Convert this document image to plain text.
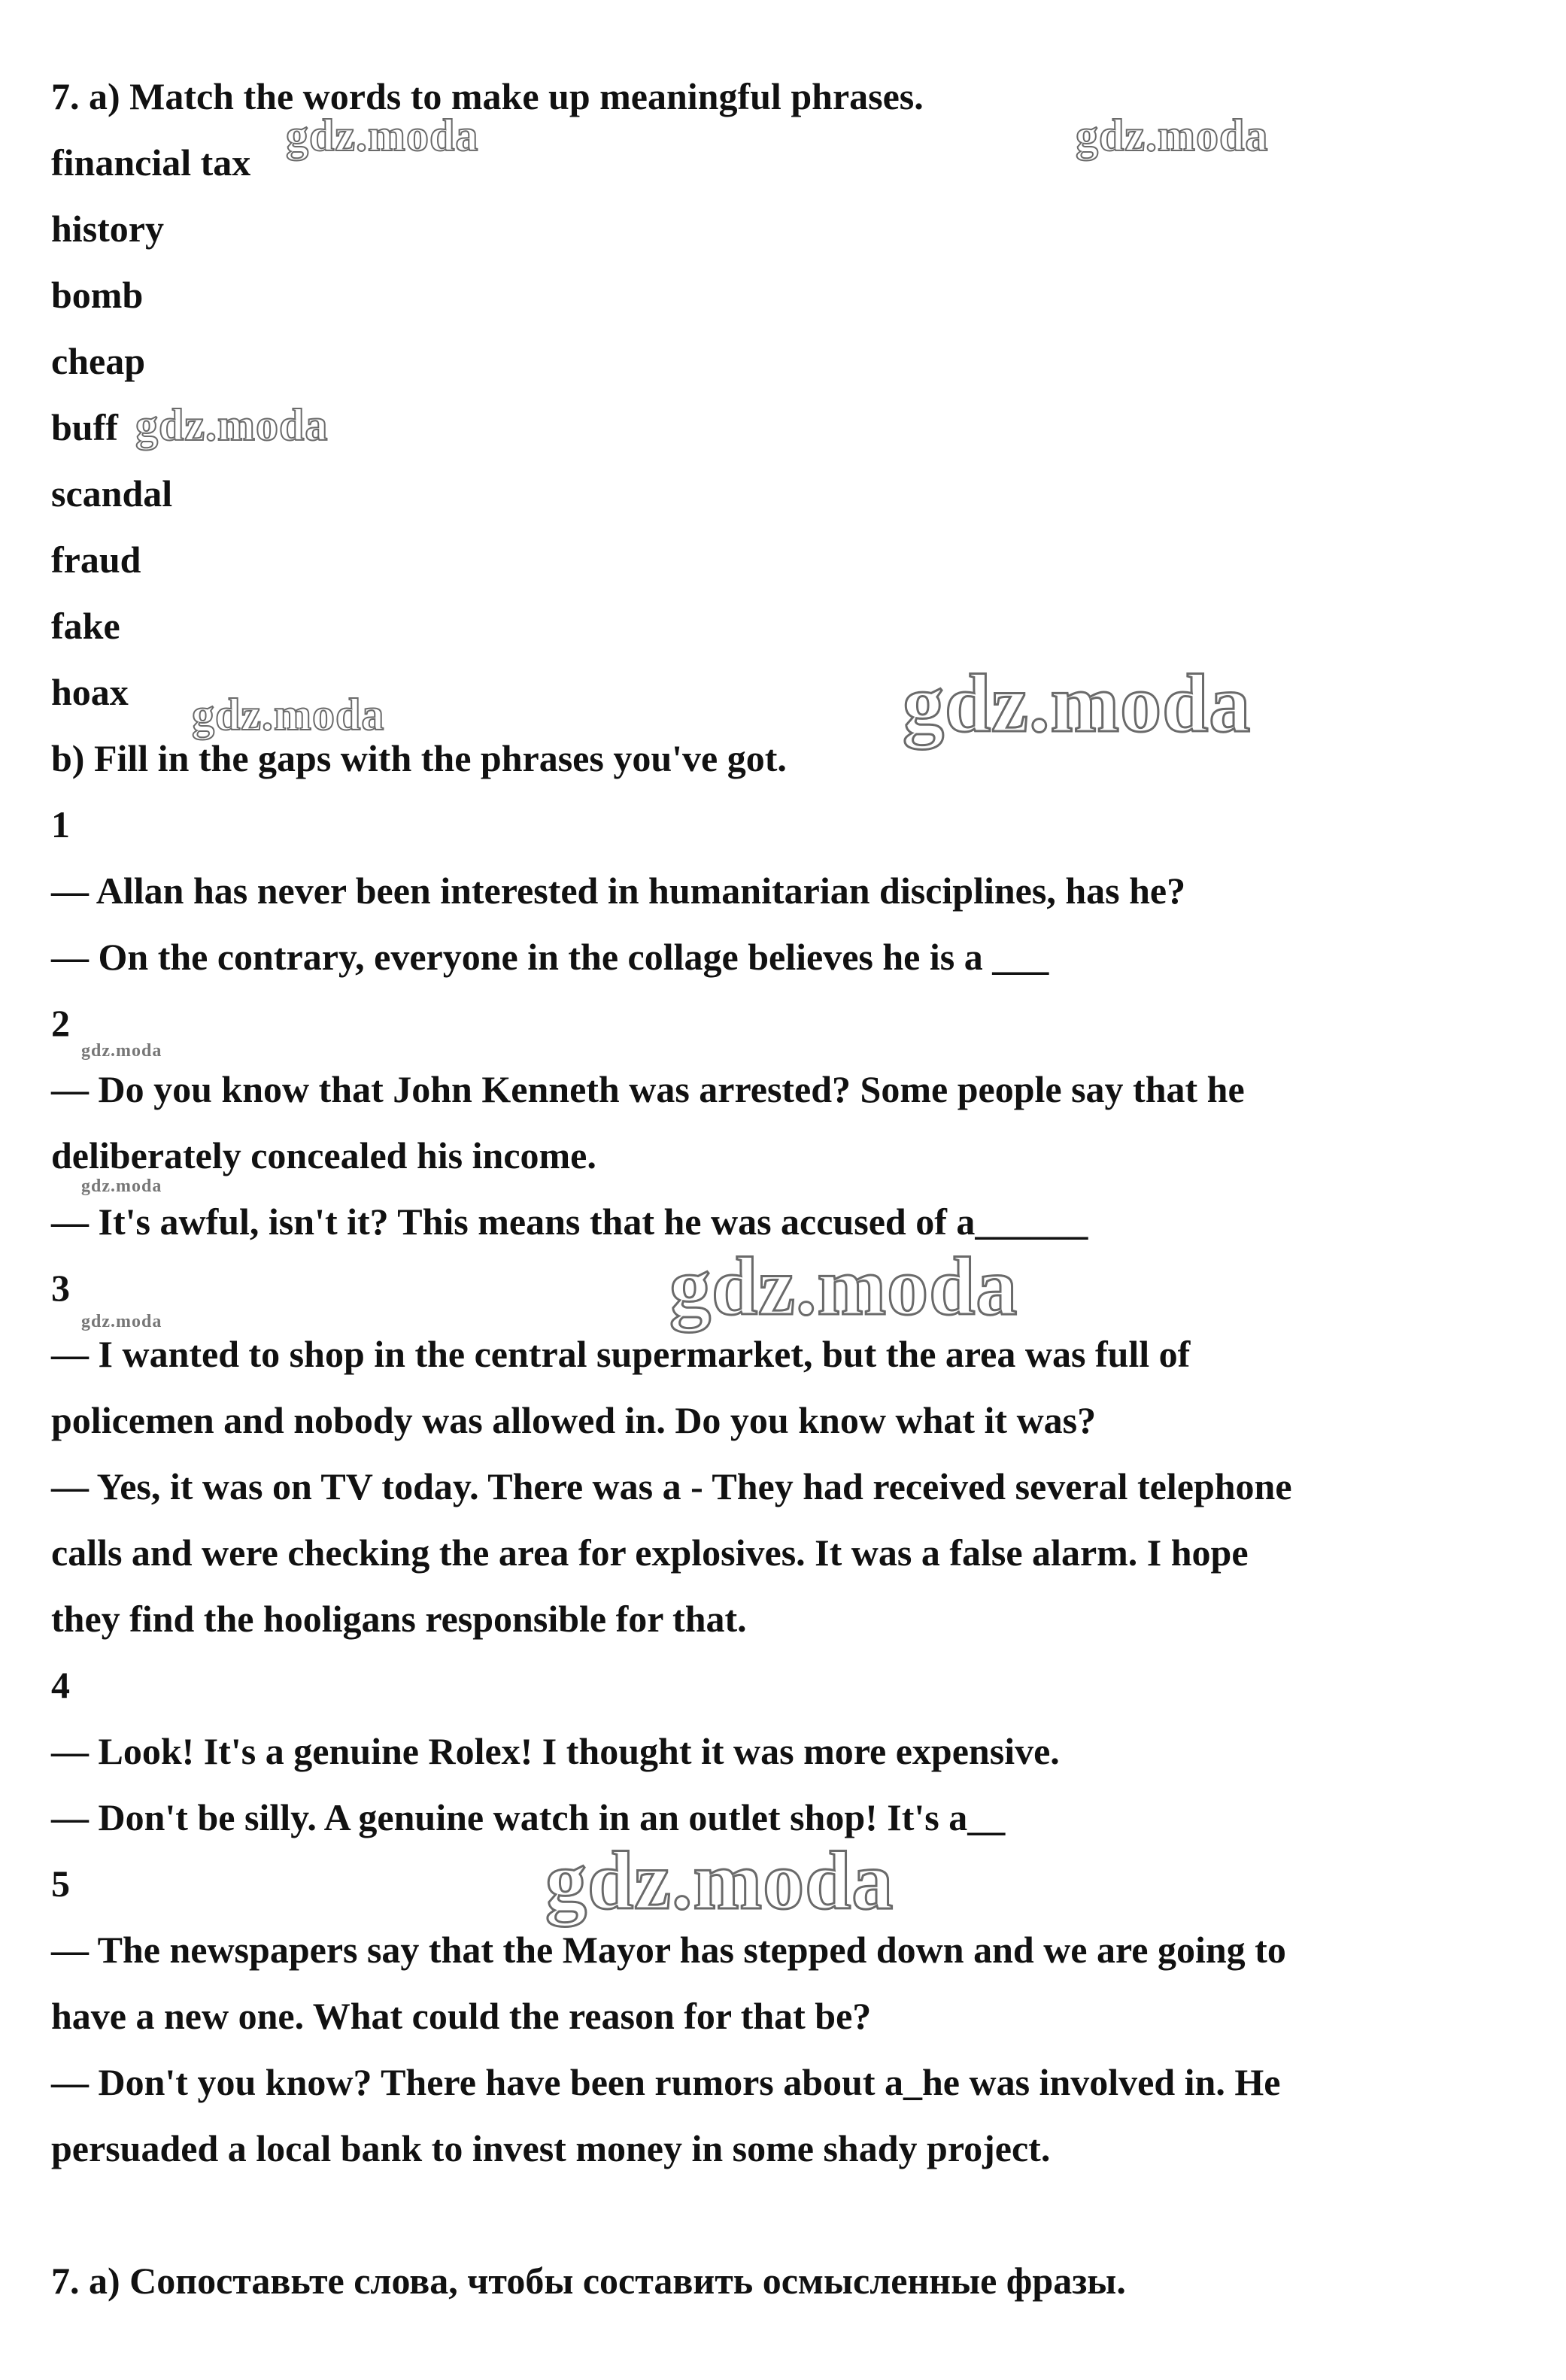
7. a) Match the words to make up meaningful phrases.
financial tax
history
bomb
cheap
buff
scandal
fraud
fake
hoax
b) Fill in the gaps with the phrases you've got.
1
— Allan has never been interested in humanitarian disciplines, has he?
— On the contrary, everyone in the collage believes he is a ___
2
— Do you know that John Kenneth was arrested? Some people say that he
deliberately concealed his income.
— It's awful, isn't it? This means that he was accused of a______
3
— I wanted to shop in the central supermarket, but the area was full of
policemen and nobody was allowed in. Do you know what it was?
— Yes, it was on TV today. There was a - They had received several telephone
calls and were checking the area for explosives. It was a false alarm. I hope
they find the hooligans responsible for that.
4
— Look! It's a genuine Rolex! I thought it was more expensive.
— Don't be silly. A genuine watch in an outlet shop! It's a__
5
— The newspapers say that the Mayor has stepped down and we are going to
have a new one. What could the reason for that be?
— Don't you know? There have been rumors about a_he was involved in. He
persuaded a local bank to invest money in some shady project.
7. a) Сопоставьте слова, чтобы составить осмысленные фразы.
gdz.moda	gdz.moda
gdz.moda
gdz.moda	gdz.moda
gdz.moda
gdz.moda
gdz.moda	gdz.moda
gdz.moda
